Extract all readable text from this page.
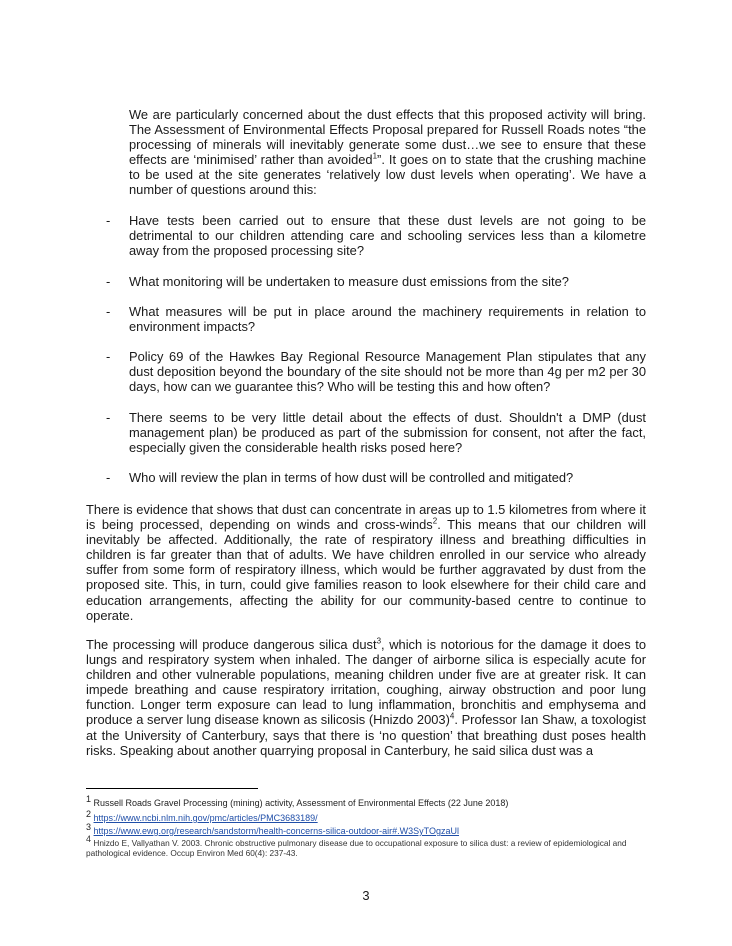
We are particularly concerned about the dust effects that this proposed activity will bring. The Assessment of Environmental Effects Proposal prepared for Russell Roads notes “the processing of minerals will inevitably generate some dust…we see to ensure that these effects are ‘minimised’ rather than avoided$^1$”. It goes on to state that the crushing machine to be used at the site generates ‘relatively low dust levels when operating’. We have a number of questions around this:

- Have tests been carried out to ensure that these dust levels are not going to be detrimental to our children attending care and schooling services less than a kilometre away from the proposed processing site?

- What monitoring will be undertaken to measure dust emissions from the site?

- What measures will be put in place around the machinery requirements in relation to environment impacts?

- Policy 69 of the Hawkes Bay Regional Resource Management Plan stipulates that any dust deposition beyond the boundary of the site should not be more than 4g per m2 per 30 days, how can we guarantee this? Who will be testing this and how often?

- There seems to be very little detail about the effects of dust. Shouldn't a DMP (dust management plan) be produced as part of the submission for consent, not after the fact, especially given the considerable health risks posed here?

- Who will review the plan in terms of how dust will be controlled and mitigated?

There is evidence that shows that dust can concentrate in areas up to 1.5 kilometres from where it is being processed, depending on winds and cross-winds$^2$. This means that our children will inevitably be affected. Additionally, the rate of respiratory illness and breathing difficulties in children is far greater than that of adults. We have children enrolled in our service who already suffer from some form of respiratory illness, which would be further aggravated by dust from the proposed site. This, in turn, could give families reason to look elsewhere for their child care and education arrangements, affecting the ability for our community-based centre to continue to operate.

The processing will produce dangerous silica dust$^3$, which is notorious for the damage it does to lungs and respiratory system when inhaled. The danger of airborne silica is especially acute for children and other vulnerable populations, meaning children under five are at greater risk. It can impede breathing and cause respiratory irritation, coughing, airway obstruction and poor lung function. Longer term exposure can lead to lung inflammation, bronchitis and emphysema and produce a server lung disease known as silicosis (Hnizdo 2003)$^4$. Professor Ian Shaw, a toxologist at the University of Canterbury, says that there is ‘no question’ that breathing dust poses health risks. Speaking about another quarrying proposal in Canterbury, he said silica dust was a

$^1$ Russell Roads Gravel Processing (mining) activity, Assessment of Environmental Effects (22 June 2018)

$^2$ https://www.ncbi.nlm.nih.gov/pmc/articles/PMC3683189/

$^3$ https://www.ewg.org/research/sandstorm/health-concerns-silica-outdoor-air#.W3SyTOgzaUl

$^4$ Hnizdo E, Vallyathan V. 2003. Chronic obstructive pulmonary disease due to occupational exposure to silica dust: a review of epidemiological and pathological evidence. Occup Environ Med 60(4): 237-43.

3
